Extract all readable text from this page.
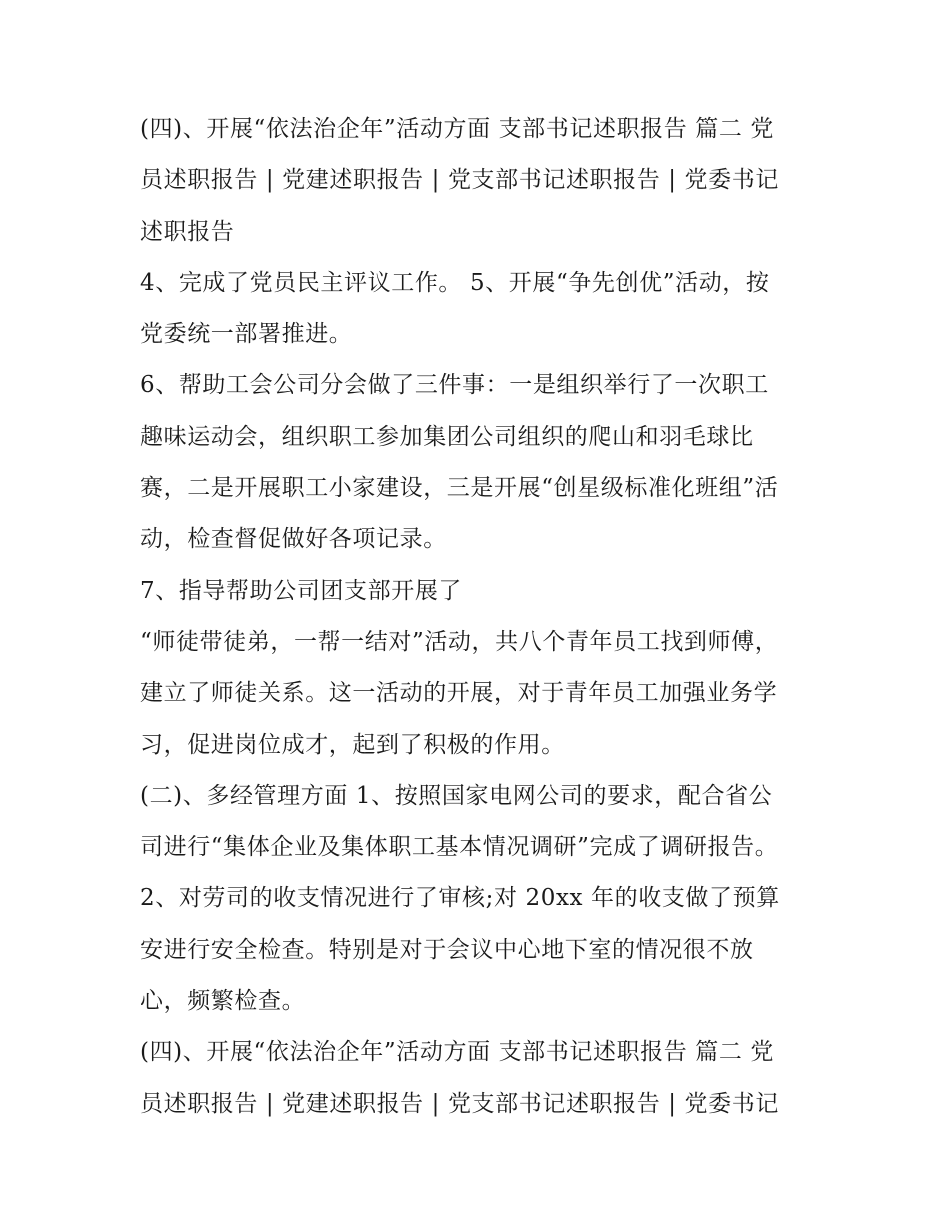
(四)、开展“依法治企年”活动方面 支部书记述职报告 篇二 党
员述职报告 | 党建述职报告 | 党支部书记述职报告 | 党委书记
述职报告

4、完成了党员民主评议工作。 5、开展“争先创优”活动，按
党委统一部署推进。

6、帮助工会公司分会做了三件事：一是组织举行了一次职工
趣味运动会，组织职工参加集团公司组织的爬山和羽毛球比
赛，二是开展职工小家建设，三是开展“创星级标准化班组”活
动，检查督促做好各项记录。

7、指导帮助公司团支部开展了

“师徒带徒弟，一帮一结对”活动，共八个青年员工找到师傅，
建立了师徒关系。这一活动的开展，对于青年员工加强业务学
习，促进岗位成才，起到了积极的作用。

(二)、多经管理方面 1、按照国家电网公司的要求，配合省公
司进行“集体企业及集体职工基本情况调研”完成了调研报告。

2、对劳司的收支情况进行了审核;对 20xx 年的收支做了预算
安进行安全检查。特别是对于会议中心地下室的情况很不放
心，频繁检查。

(四)、开展“依法治企年”活动方面 支部书记述职报告 篇二 党
员述职报告 | 党建述职报告 | 党支部书记述职报告 | 党委书记
